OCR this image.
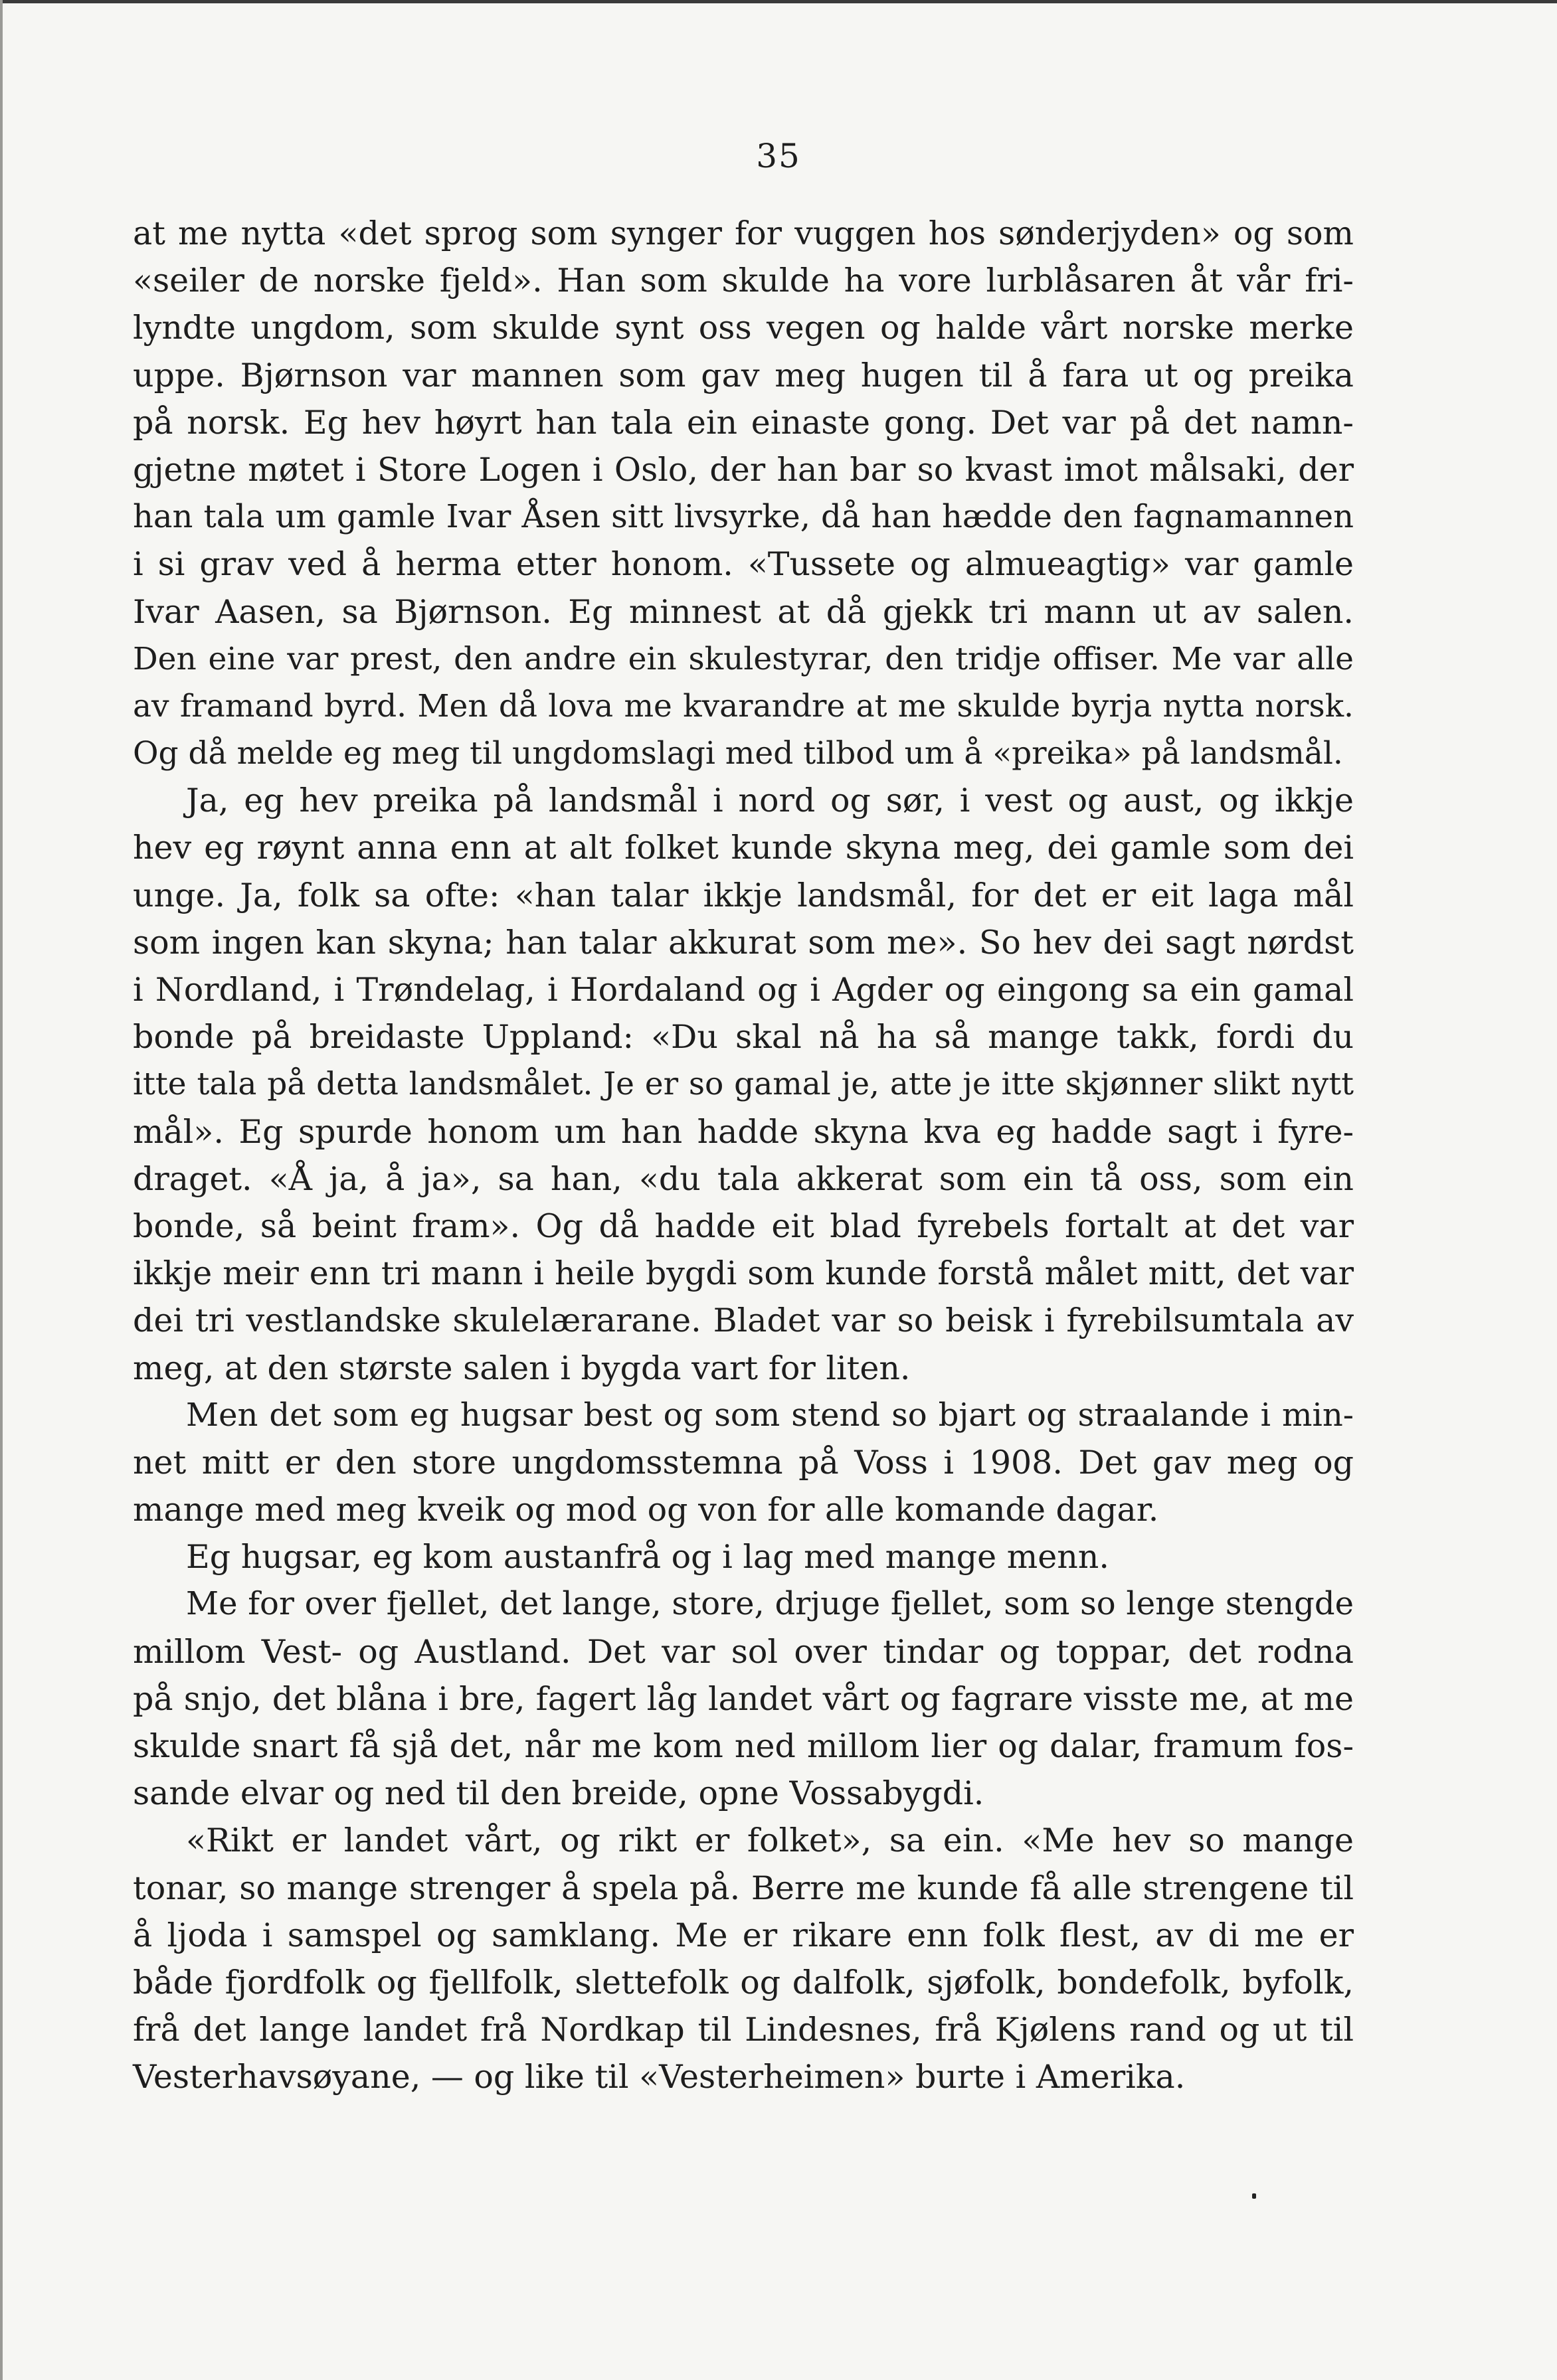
35
at me nytta «det sprog som synger for vuggen hos sønderjyden» og som
«seiler de norske fjeld». Han som skulde ha vore lurblåsaren åt vår fri-
lyndte ungdom, som skulde synt oss vegen og halde vårt norske merke
uppe. Bjørnson var mannen som gav meg hugen til å fara ut og preika
på norsk. Eg hev høyrt han tala ein einaste gong. Det var på det namn-
gjetne møtet i Store Logen i Oslo, der han bar so kvast imot målsaki, der
han tala um gamle Ivar Åsen sitt livsyrke, då han hædde den fagnamannen
i si grav ved å herma etter honom. «Tussete og almueagtig» var gamle
Ivar Aasen, sa Bjørnson. Eg minnest at då gjekk tri mann ut av salen.
Den eine var prest, den andre ein skulestyrar, den tridje offiser. Me var alle
av framand byrd. Men då lova me kvarandre at me skulde byrja nytta norsk.
Og då melde eg meg til ungdomslagi med tilbod um å «preika» på landsmål.
Ja, eg hev preika på landsmål i nord og sør, i vest og aust, og ikkje
hev eg røynt anna enn at alt folket kunde skyna meg, dei gamle som dei
unge. Ja, folk sa ofte: «han talar ikkje landsmål, for det er eit laga mål
som ingen kan skyna; han talar akkurat som me». So hev dei sagt nørdst
i Nordland, i Trøndelag, i Hordaland og i Agder og eingong sa ein gamal
bonde på breidaste Uppland: «Du skal nå ha så mange takk, fordi du
itte tala på detta landsmålet. Je er so gamal je, atte je itte skjønner slikt nytt
mål». Eg spurde honom um han hadde skyna kva eg hadde sagt i fyre-
draget. «Å ja, å ja», sa han, «du tala akkerat som ein tå oss, som ein
bonde, så beint fram». Og då hadde eit blad fyrebels fortalt at det var
ikkje meir enn tri mann i heile bygdi som kunde forstå målet mitt, det var
dei tri vestlandske skulelærarane. Bladet var so beisk i fyrebilsumtala av
meg, at den største salen i bygda vart for liten.
Men det som eg hugsar best og som stend so bjart og straalande i min-
net mitt er den store ungdomsstemna på Voss i 1908. Det gav meg og
mange med meg kveik og mod og von for alle komande dagar.
Eg hugsar, eg kom austanfrå og i lag med mange menn.
Me for over fjellet, det lange, store, drjuge fjellet, som so lenge stengde
millom Vest- og Austland. Det var sol over tindar og toppar, det rodna
på snjo, det blåna i bre, fagert låg landet vårt og fagrare visste me, at me
skulde snart få sjå det, når me kom ned millom lier og dalar, framum fos-
sande elvar og ned til den breide, opne Vossabygdi.
«Rikt er landet vårt, og rikt er folket», sa ein. «Me hev so mange
tonar, so mange strenger å spela på. Berre me kunde få alle strengene til
å ljoda i samspel og samklang. Me er rikare enn folk flest, av di me er
både fjordfolk og fjellfolk, slettefolk og dalfolk, sjøfolk, bondefolk, byfolk,
frå det lange landet frå Nordkap til Lindesnes, frå Kjølens rand og ut til
Vesterhavsøyane, — og like til «Vesterheimen» burte i Amerika.
